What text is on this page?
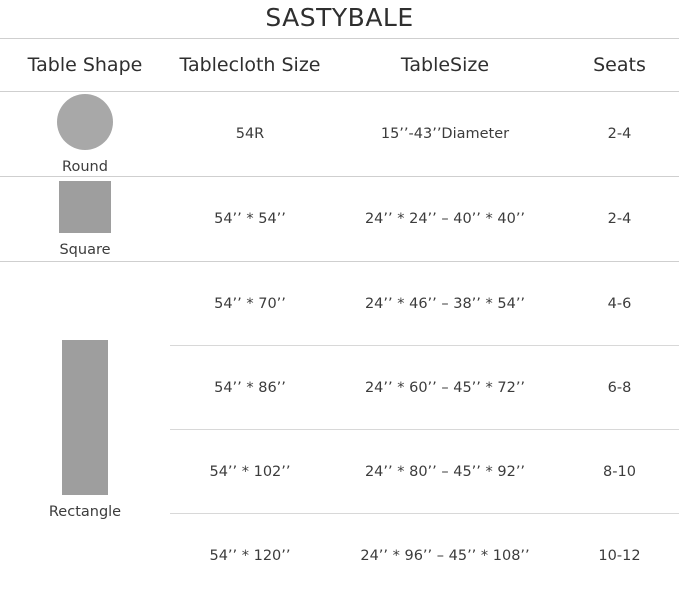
SASTYBALE
Table Shape	Tablecloth Size	TableSize	Seats

Round	54R	15’’-43’’Diameter	2-4

Square	54’’ * 54’’	24’’ * 24’’ – 40’’ * 40’’	2-4

Rectangle	54’’ * 70’’	24’’ * 46’’ – 38’’ * 54’’	4-6
	54’’ * 86’’	24’’ * 60’’ – 45’’ * 72’’	6-8
	54’’ * 102’’	24’’ * 80’’ – 45’’ * 92’’	8-10
	54’’ * 120’’	24’’ * 96’’ – 45’’ * 108’’	10-12
